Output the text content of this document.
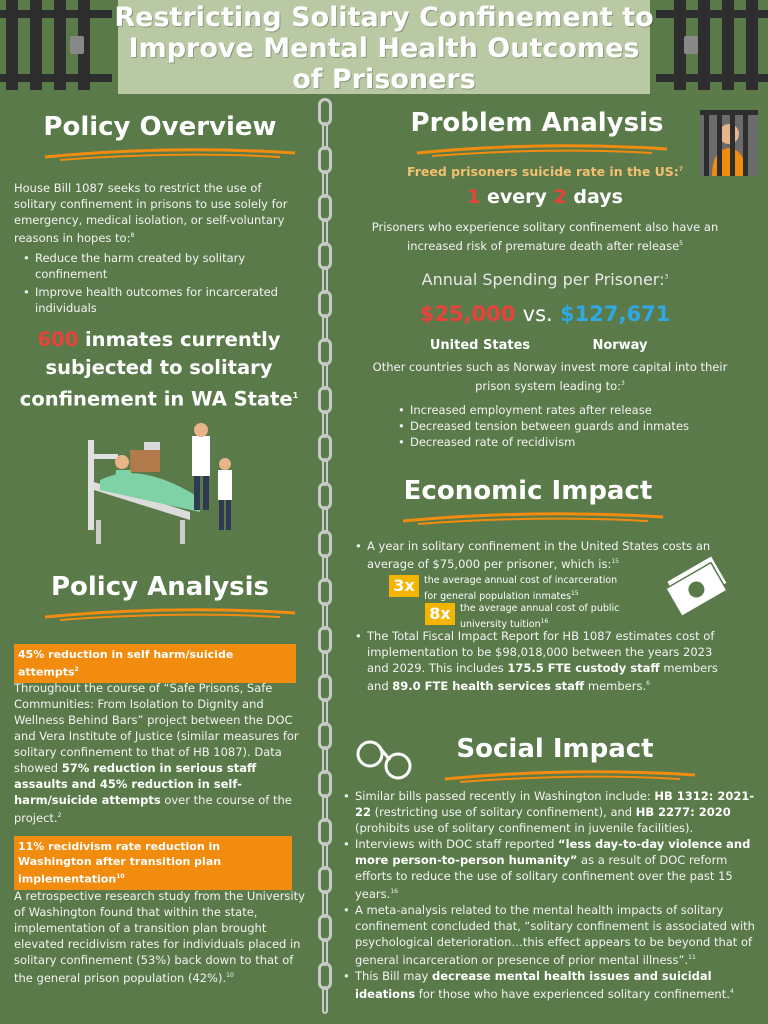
Restricting Solitary Confinement to Improve Mental Health Outcomes of Prisoners
Policy Overview
House Bill 1087 seeks to restrict the use of solitary confinement in prisons to use solely for emergency, medical isolation, or self-voluntary reasons in hopes to:$^8$
• Reduce the harm created by solitary confinement
• Improve health outcomes for incarcerated individuals
600 inmates currently subjected to solitary confinement in WA State$^1$
Policy Analysis
45% reduction in self harm/suicide attempts$^2$
Throughout the course of “Safe Prisons, Safe Communities: From Isolation to Dignity and Wellness Behind Bars” project between the DOC and Vera Institute of Justice (similar measures for solitary confinement to that of HB 1087). Data showed 57% reduction in serious staff assaults and 45% reduction in self-harm/suicide attempts over the course of the project.$^2$
11% recidivism rate reduction in Washington after transition plan implementation$^{10}$
A retrospective research study from the University of Washington found that within the state, implementation of a transition plan brought elevated recidivism rates for individuals placed in solitary confinement (53%) back down to that of the general prison population (42%).$^{10}$
Problem Analysis
Freed prisoners suicide rate in the US:$^7$
1 every 2 days
Prisoners who experience solitary confinement also have an increased risk of premature death after release$^5$
Annual Spending per Prisoner:$^3$
$25,000 vs. $127,671
United States	Norway
Other countries such as Norway invest more capital into their prison system leading to:$^3$
• Increased employment rates after release
• Decreased tension between guards and inmates
• Decreased rate of recidivism
Economic Impact
• A year in solitary confinement in the United States costs an average of $75,000 per prisoner, which is:$^{15}$
3x the average annual cost of incarceration for general population inmates$^{15}$
8x the average annual cost of public university tuition$^{16}$
• The Total Fiscal Impact Report for HB 1087 estimates cost of implementation to be $98,018,000 between the years 2023 and 2029. This includes 175.5 FTE custody staff members and 89.0 FTE health services staff members.$^6$
Social Impact
• Similar bills passed recently in Washington include: HB 1312: 2021-22 (restricting use of solitary confinement), and HB 2277: 2020 (prohibits use of solitary confinement in juvenile facilities).
• Interviews with DOC staff reported “less day-to-day violence and more person-to-person humanity” as a result of DOC reform efforts to reduce the use of solitary confinement over the past 15 years.$^{16}$
• A meta-analysis related to the mental health impacts of solitary confinement concluded that, “solitary confinement is associated with psychological deterioration…this effect appears to be beyond that of general incarceration or presence of prior mental illness”.$^{11}$
• This Bill may decrease mental health issues and suicidal ideations for those who have experienced solitary confinement.$^4$
